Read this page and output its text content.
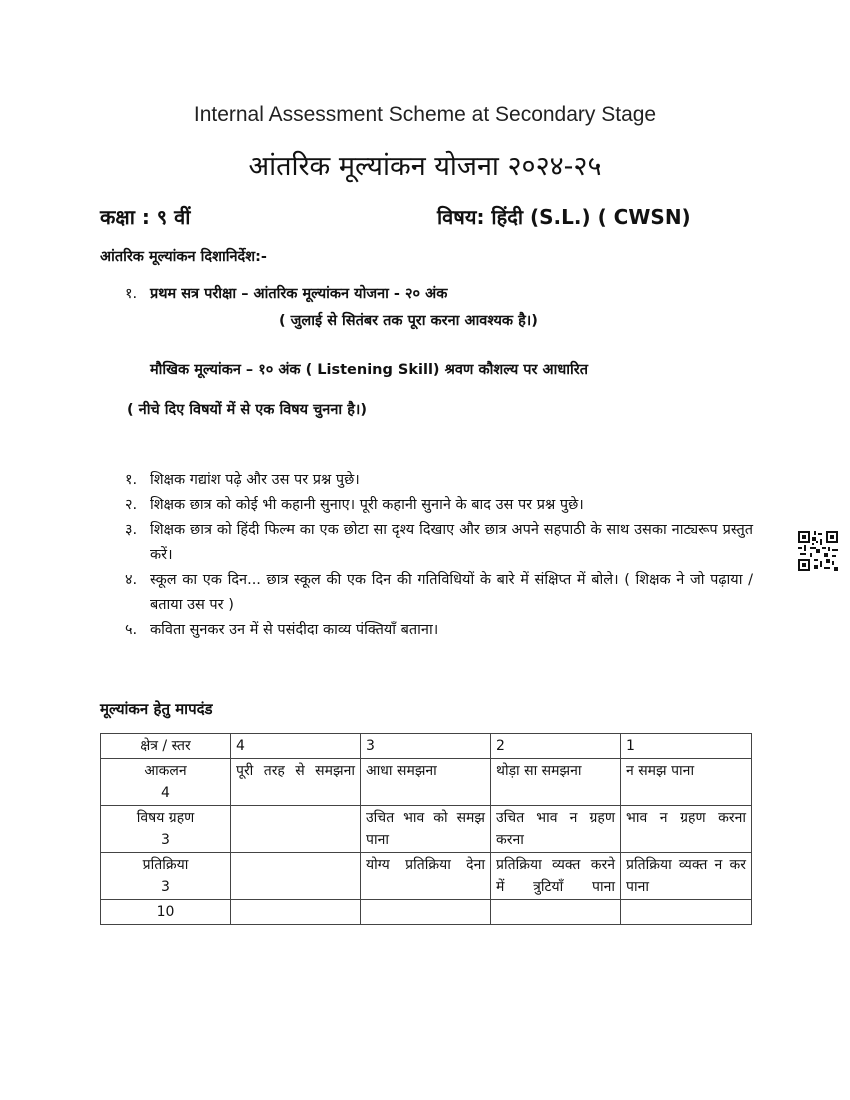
Internal Assessment Scheme at Secondary Stage
आंतरिक मूल्यांकन योजना २०२४-२५
कक्षा : ९ वीं	विषय: हिंदी (S.L.) ( CWSN)
आंतरिक मूल्यांकन दिशानिर्देश:-
१. प्रथम सत्र परीक्षा – आंतरिक मूल्यांकन योजना - २० अंक
( जुलाई से सितंबर तक पूरा करना आवश्यक है।)
मौखिक मूल्यांकन – १० अंक ( Listening Skill) श्रवण कौशल्य पर आधारित
( नीचे दिए विषयों में से एक विषय चुनना है।)
१. शिक्षक गद्यांश पढ़े और उस पर प्रश्न पुछे।
२. शिक्षक छात्र को कोई भी कहानी सुनाए। पूरी कहानी सुनाने के बाद उस पर प्रश्न पुछे।
३. शिक्षक छात्र को हिंदी फिल्म का एक छोटा सा दृश्य दिखाए और छात्र अपने सहपाठी के साथ उसका नाट्यरूप प्रस्तुत करें।
४. स्कूल का एक दिन... छात्र स्कूल की एक दिन की गतिविधियों के बारे में संक्षिप्त में बोले। ( शिक्षक ने जो पढ़ाया / बताया उस पर )
५. कविता सुनकर उन में से पसंदीदा काव्य पंक्तियाँ बताना।
मूल्यांकन हेतु मापदंड
क्षेत्र / स्तर	4	3	2	1

आकलन
4	पूरी तरह से समझना	आधा समझना	थोड़ा सा समझना	न समझ पाना

विषय ग्रहण
3		उचित भाव को समझ पाना	उचित भाव न ग्रहण करना	भाव न ग्रहण करना

प्रतिक्रिया
3		योग्य प्रतिक्रिया देना	प्रतिक्रिया व्यक्त करने में त्रुटियाँ पाना	प्रतिक्रिया व्यक्त न कर पाना
10				
